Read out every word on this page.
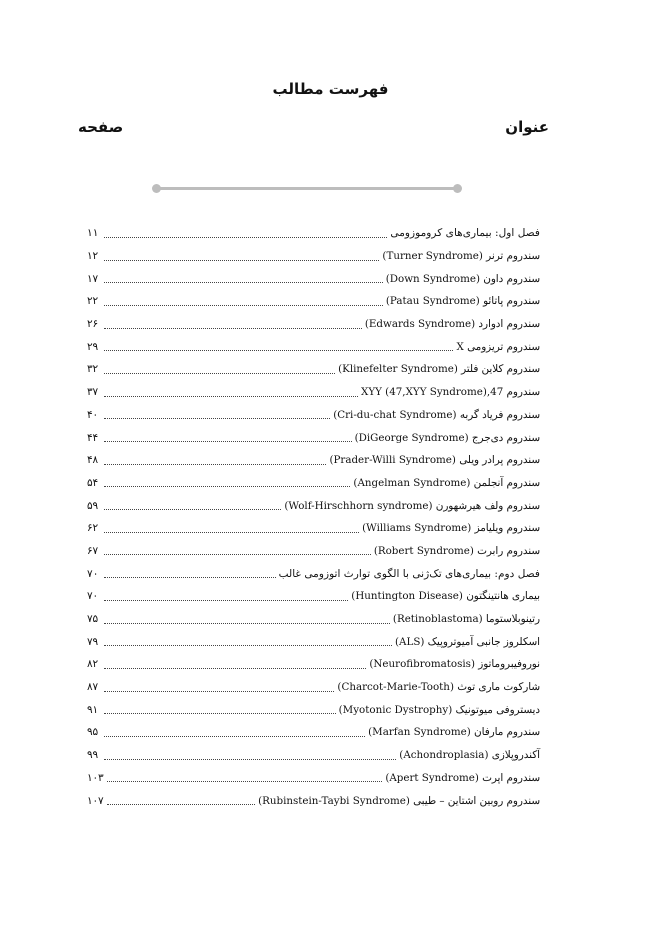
فهرست مطالب
عنوان
صفحه
فصل اول: بیماری‌های کروموزومی
۱۱
سندروم ترنر (Turner Syndrome)
۱۲
سندروم داون (Down Syndrome)
۱۷
سندروم پاتائو (Patau Syndrome)
۲۲
سندروم ادوارد (Edwards Syndrome)
۲۶
سندروم تریزومی X
۲۹
سندروم کلاین فلتر (Klinefelter Syndrome)
۳۲
سندروم 47,XYY (47,XYY Syndrome)
۳۷
سندروم فریاد گربه (Cri-du-chat Syndrome)
۴۰
سندروم دی‌جرج (DiGeorge Syndrome)
۴۴
سندروم پرادر ویلی (Prader-Willi Syndrome)
۴۸
سندروم آنجلمن (Angelman Syndrome)
۵۴
سندروم ولف هیرشهورن (Wolf-Hirschhorn syndrome)
۵۹
سندروم ویلیامز (Williams Syndrome)
۶۲
سندروم رابرت (Robert Syndrome)
۶۷
فصل دوم: بیماری‌های تک‌ژنی با الگوی توارث اتوزومی غالب
۷۰
بیماری هانتینگتون (Huntington Disease)
۷۰
رتینوبلاستوما (Retinoblastoma)
۷۵
اسکلروز جانبی آمیوتروپیک (ALS)
۷۹
نوروفیبروماتوز (Neurofibromatosis)
۸۲
شارکوت ماری توث (Charcot-Marie-Tooth)
۸۷
دیستروفی میوتونیک (Myotonic Dystrophy)
۹۱
سندروم مارفان (Marfan Syndrome)
۹۵
آکندروپلازی (Achondroplasia)
۹۹
سندروم اپرت (Apert Syndrome)
۱۰۳
سندروم روبین اشتاین – طیبی (Rubinstein-Taybi Syndrome)
۱۰۷
